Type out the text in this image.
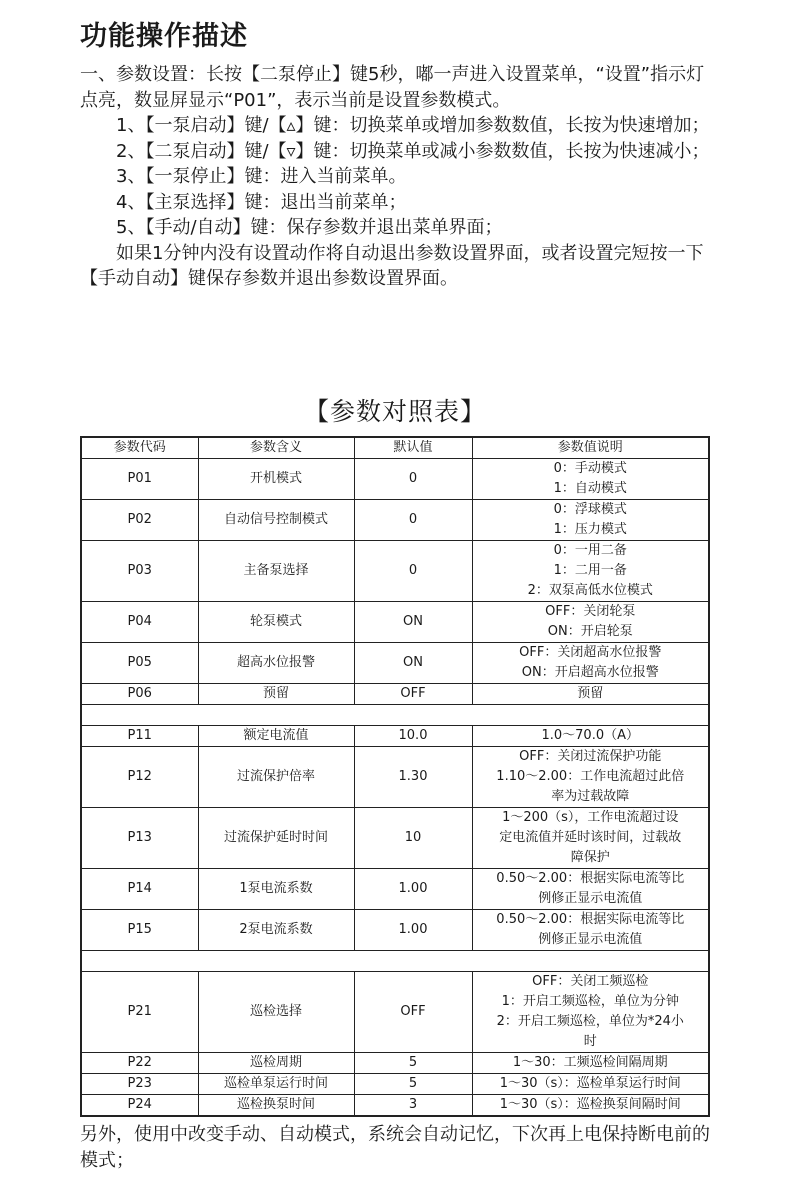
功能操作描述

一、参数设置：长按【二泵停止】键5秒，嘟一声进入设置菜单，“设置”指示灯点亮，数显屏显示“P01”，表示当前是设置参数模式。

1、【一泵启动】键/【▵】键：切换菜单或增加参数数值，长按为快速增加；

2、【二泵启动】键/【▿】键：切换菜单或减小参数数值，长按为快速减小；

3、【一泵停止】键：进入当前菜单。

4、【主泵选择】键：退出当前菜单；

5、【手动/自动】键：保存参数并退出菜单界面；

如果1分钟内没有设置动作将自动退出参数设置界面，或者设置完短按一下【手动自动】键保存参数并退出参数设置界面。

【参数对照表】
参数代码	参数含义	默认值	参数值说明
P01	开机模式	0	0：手动模式
1：自动模式

P02	自动信号控制模式	0	0：浮球模式
1：压力模式

P03	主备泵选择	0	0：一用二备
1：二用一备
2：双泵高低水位模式

P04	轮泵模式	ON	OFF：关闭轮泵
ON：开启轮泵

P05	超高水位报警	ON	OFF：关闭超高水位报警
ON：开启超高水位报警

P06	预留	OFF	预留

P11	额定电流值	10.0	1.0～70.0（A）

P12	过流保护倍率	1.30	OFF：关闭过流保护功能
1.10～2.00：工作电流超过此倍
率为过载故障

P13	过流保护延时时间	10	1～200（s），工作电流超过设
定电流值并延时该时间，过载故
障保护

P14	1泵电流系数	1.00	0.50～2.00：根据实际电流等比
例修正显示电流值

P15	2泵电流系数	1.00	0.50～2.00：根据实际电流等比
例修正显示电流值

P21	巡检选择	OFF	OFF：关闭工频巡检
1：开启工频巡检，单位为分钟
2：开启工频巡检，单位为*24小
时

P22	巡检周期	5	1～30：工频巡检间隔周期

P23	巡检单泵运行时间	5	1～30（s）：巡检单泵运行时间

P24	巡检换泵时间	3	1～30（s）：巡检换泵间隔时间

另外，使用中改变手动、自动模式，系统会自动记忆，下次再上电保持断电前的模式；
